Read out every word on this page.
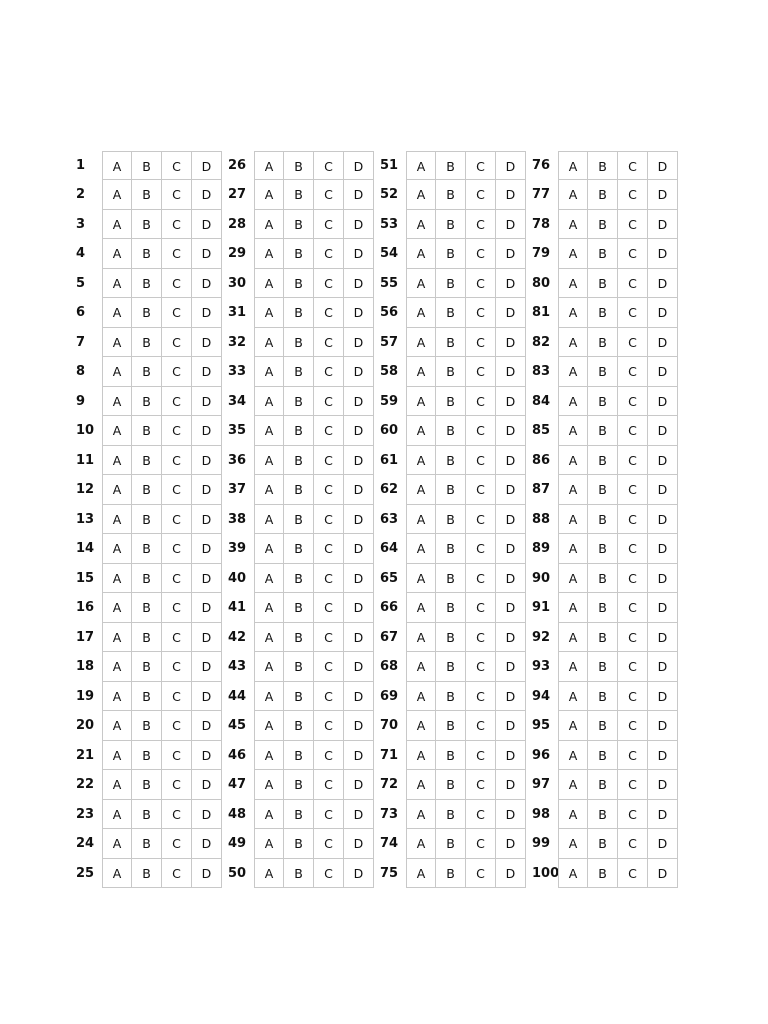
1	A	B	C	D
2	A	B	C	D
3	A	B	C	D
4	A	B	C	D
5	A	B	C	D
6	A	B	C	D
7	A	B	C	D
8	A	B	C	D
9	A	B	C	D
10	A	B	C	D
11	A	B	C	D
12	A	B	C	D
13	A	B	C	D
14	A	B	C	D
15	A	B	C	D
16	A	B	C	D
17	A	B	C	D
18	A	B	C	D
19	A	B	C	D
20	A	B	C	D
21	A	B	C	D
22	A	B	C	D
23	A	B	C	D
24	A	B	C	D
25	A	B	C	D
26	A	B	C	D
27	A	B	C	D
28	A	B	C	D
29	A	B	C	D
30	A	B	C	D
31	A	B	C	D
32	A	B	C	D
33	A	B	C	D
34	A	B	C	D
35	A	B	C	D
36	A	B	C	D
37	A	B	C	D
38	A	B	C	D
39	A	B	C	D
40	A	B	C	D
41	A	B	C	D
42	A	B	C	D
43	A	B	C	D
44	A	B	C	D
45	A	B	C	D
46	A	B	C	D
47	A	B	C	D
48	A	B	C	D
49	A	B	C	D
50	A	B	C	D
51	A	B	C	D
52	A	B	C	D
53	A	B	C	D
54	A	B	C	D
55	A	B	C	D
56	A	B	C	D
57	A	B	C	D
58	A	B	C	D
59	A	B	C	D
60	A	B	C	D
61	A	B	C	D
62	A	B	C	D
63	A	B	C	D
64	A	B	C	D
65	A	B	C	D
66	A	B	C	D
67	A	B	C	D
68	A	B	C	D
69	A	B	C	D
70	A	B	C	D
71	A	B	C	D
72	A	B	C	D
73	A	B	C	D
74	A	B	C	D
75	A	B	C	D
76	A	B	C	D
77	A	B	C	D
78	A	B	C	D
79	A	B	C	D
80	A	B	C	D
81	A	B	C	D
82	A	B	C	D
83	A	B	C	D
84	A	B	C	D
85	A	B	C	D
86	A	B	C	D
87	A	B	C	D
88	A	B	C	D
89	A	B	C	D
90	A	B	C	D
91	A	B	C	D
92	A	B	C	D
93	A	B	C	D
94	A	B	C	D
95	A	B	C	D
96	A	B	C	D
97	A	B	C	D
98	A	B	C	D
99	A	B	C	D
100 A	B	C	D
